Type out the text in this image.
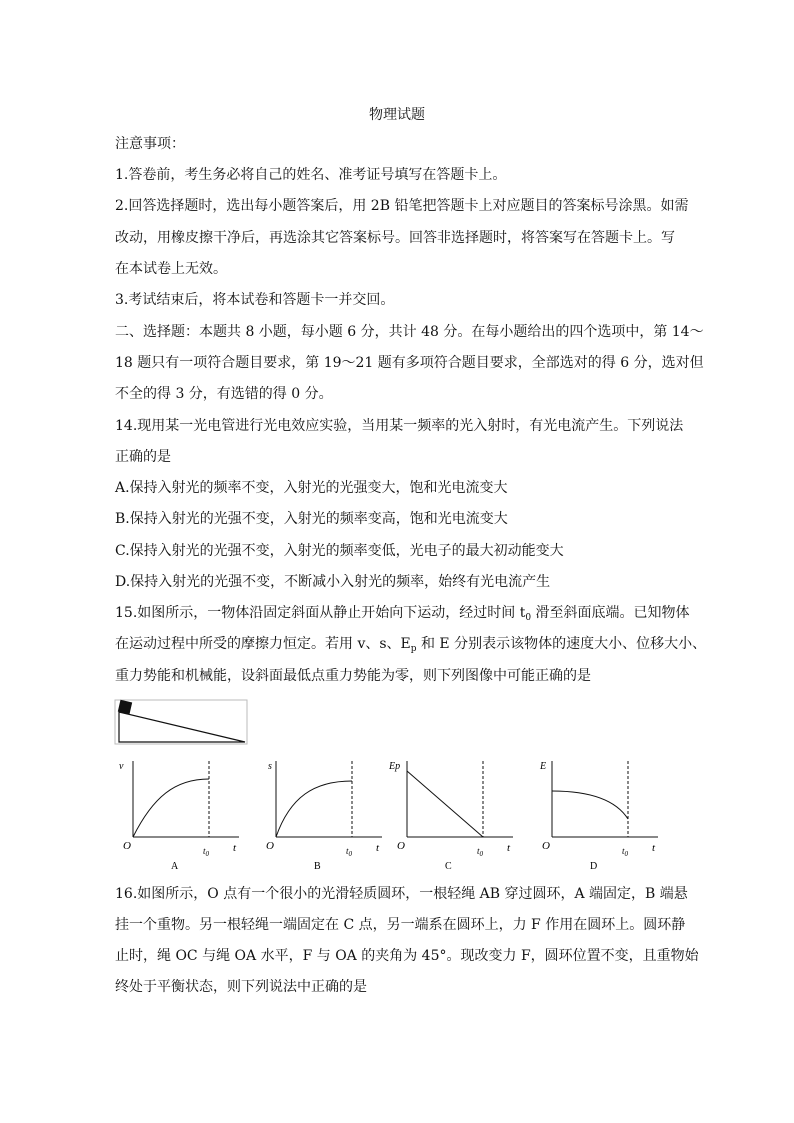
物理试题
注意事项：
1.答卷前，考生务必将自己的姓名、准考证号填写在答题卡上。
2.回答选择题时，选出每小题答案后，用 2B 铅笔把答题卡上对应题目的答案标号涂黑。如需
改动，用橡皮擦干净后，再选涂其它答案标号。回答非选择题时，将答案写在答题卡上。写
在本试卷上无效。
3.考试结束后，将本试卷和答题卡一并交回。
二、选择题：本题共 8 小题，每小题 6 分，共计 48 分。在每小题给出的四个选项中，第 14～
18 题只有一项符合题目要求，第 19～21 题有多项符合题目要求，全部选对的得 6 分，选对但
不全的得 3 分，有选错的得 0 分。
14.现用某一光电管进行光电效应实验，当用某一频率的光入射时，有光电流产生。下列说法
正确的是
A.保持入射光的频率不变，入射光的光强变大，饱和光电流变大
B.保持入射光的光强不变，入射光的频率变高，饱和光电流变大
C.保持入射光的光强不变，入射光的频率变低，光电子的最大初动能变大
D.保持入射光的光强不变，不断减小入射光的频率，始终有光电流产生
15.如图所示，一物体沿固定斜面从静止开始向下运动，经过时间 $t_0$ 滑至斜面底端。已知物体
在运动过程中所受的摩擦力恒定。若用 v、s、$E_p$ 和 E 分别表示该物体的速度大小、位移大小、
重力势能和机械能，设斜面最低点重力势能为零，则下列图像中可能正确的是
v
O	t
$t_0$
A
s
O	t
$t_0$
B
Ep
O	t
$t_0$
C
E
O	t
$t_0$
D
16.如图所示，O 点有一个很小的光滑轻质圆环，一根轻绳 AB 穿过圆环，A 端固定，B 端悬
挂一个重物。另一根轻绳一端固定在 C 点，另一端系在圆环上，力 F 作用在圆环上。圆环静
止时，绳 OC 与绳 OA 水平，F 与 OA 的夹角为 45°。现改变力 F，圆环位置不变，且重物始
终处于平衡状态，则下列说法中正确的是
